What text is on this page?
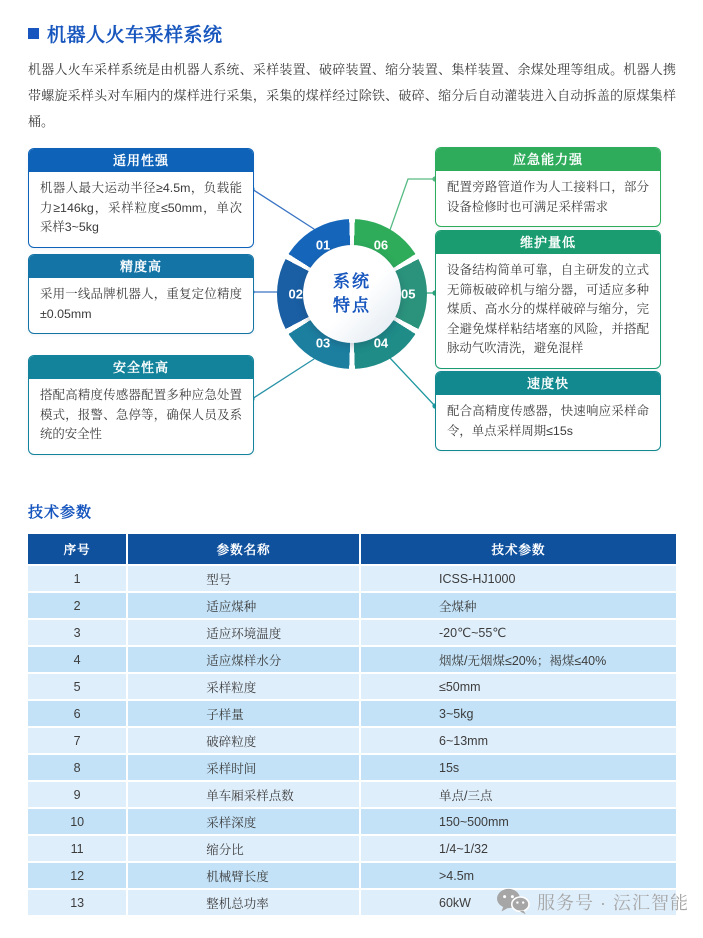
机器人火车采样系统

机器人火车采样系统是由机器人系统、采样装置、破碎装置、缩分装置、集样装置、余煤处理等组成。机器人携带螺旋采样头对车厢内的煤样进行采集，采集的煤样经过除铁、破碎、缩分后自动灌装进入自动拆盖的原煤集样桶。

适用性强
机器人最大运动半径≥4.5m，负载能力≥146kg，采样粒度≤50mm，单次采样3~5kg
精度高
采用一线品牌机器人，重复定位精度±0.05mm
安全性高
搭配高精度传感器配置多种应急处置模式，报警、急停等，确保人员及系统的安全性
应急能力强
配置旁路管道作为人工接料口，部分设备检修时也可满足采样需求
维护量低
设备结构简单可靠，自主研发的立式无筛板破碎机与缩分器，可适应多种煤质、高水分的煤样破碎与缩分，完全避免煤样粘结堵塞的风险，并搭配脉动气吹清洗，避免混样
速度快
配合高精度传感器，快速响应采样命令，单点采样周期≤15s
01
02
03	04
05
06
系统
特点
技术参数
序号	参数名称	技术参数
1	型号	ICSS-HJ1000
2	适应煤种	全煤种
3	适应环境温度	-20℃~55℃
4	适应煤样水分	烟煤/无烟煤≤20%；褐煤≤40%
5	采样粒度	≤50mm
6	子样量	3~5kg
7	破碎粒度	6~13mm
8	采样时间	15s
9	单车厢采样点数	单点/三点
10	采样深度	150~500mm
11	缩分比	1/4~1/32
12	机械臂长度	>4.5m
13	整机总功率	60kW	服务号 · 沄汇智能
